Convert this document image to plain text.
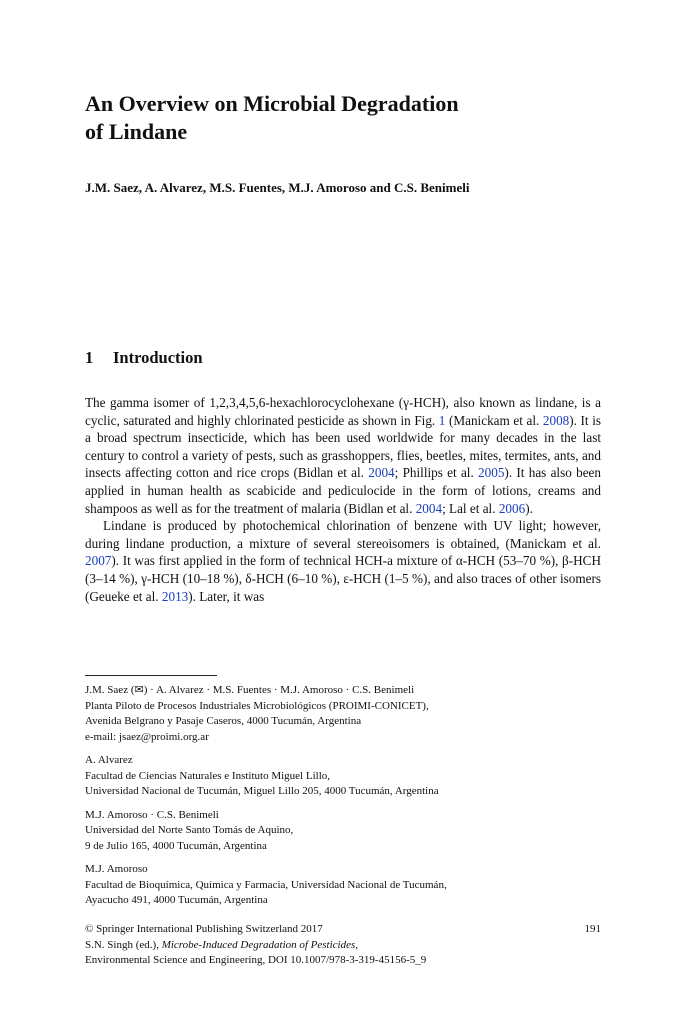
An Overview on Microbial Degradation
of Lindane
J.M. Saez, A. Alvarez, M.S. Fuentes, M.J. Amoroso and C.S. Benimeli
1 Introduction

The gamma isomer of 1,2,3,4,5,6-hexachlorocyclohexane (γ-HCH), also known as lindane, is a cyclic, saturated and highly chlorinated pesticide as shown in Fig. 1 (Manickam et al. 2008). It is a broad spectrum insecticide, which has been used worldwide for many decades in the last century to control a variety of pests, such as grasshoppers, flies, beetles, mites, termites, ants, and insects affecting cotton and rice crops (Bidlan et al. 2004; Phillips et al. 2005). It has also been applied in human health as scabicide and pediculocide in the form of lotions, creams and shampoos as well as for the treatment of malaria (Bidlan et al. 2004; Lal et al. 2006).

Lindane is produced by photochemical chlorination of benzene with UV light; however, during lindane production, a mixture of several stereoisomers is obtained, (Manickam et al. 2007). It was first applied in the form of technical HCH-a mixture of α-HCH (53–70 %), β-HCH (3–14 %), γ-HCH (10–18 %), δ-HCH (6–10 %), ε-HCH (1–5 %), and also traces of other isomers (Geueke et al. 2013). Later, it was

J.M. Saez (✉) · A. Alvarez · M.S. Fuentes · M.J. Amoroso · C.S. Benimeli
Planta Piloto de Procesos Industriales Microbiológicos (PROIMI-CONICET),
Avenida Belgrano y Pasaje Caseros, 4000 Tucumán, Argentina
e-mail: jsaez@proimi.org.ar
A. Alvarez
Facultad de Ciencias Naturales e Instituto Miguel Lillo,
Universidad Nacional de Tucumán, Miguel Lillo 205, 4000 Tucumán, Argentina
M.J. Amoroso · C.S. Benimeli
Universidad del Norte Santo Tomás de Aquino,
9 de Julio 165, 4000 Tucumán, Argentina
M.J. Amoroso
Facultad de Bioquímica, Química y Farmacia, Universidad Nacional de Tucumán,
Ayacucho 491, 4000 Tucumán, Argentina
© Springer International Publishing Switzerland 2017	191
S.N. Singh (ed.), Microbe-Induced Degradation of Pesticides,
Environmental Science and Engineering, DOI 10.1007/978-3-319-45156-5_9
